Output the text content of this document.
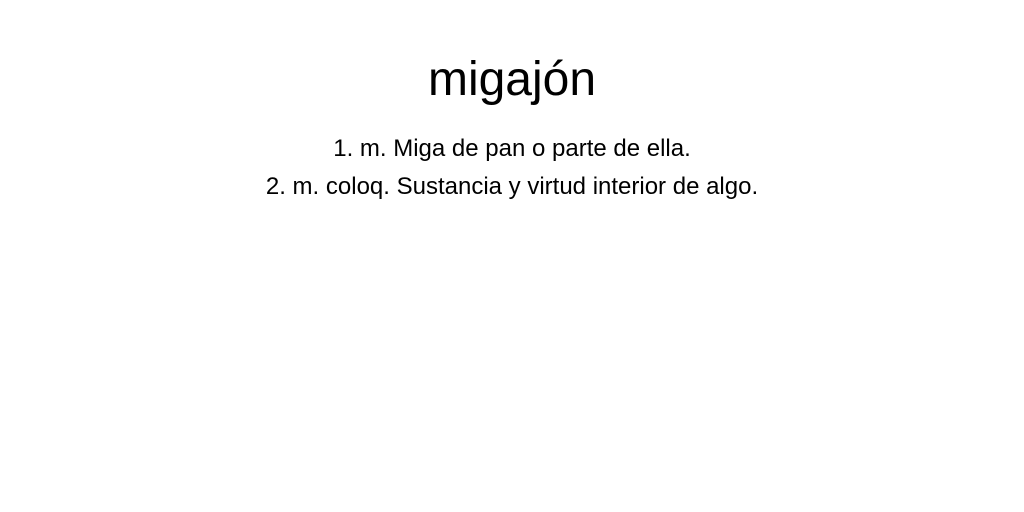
migajón
1. m. Miga de pan o parte de ella.
2. m. coloq. Sustancia y virtud interior de algo.
